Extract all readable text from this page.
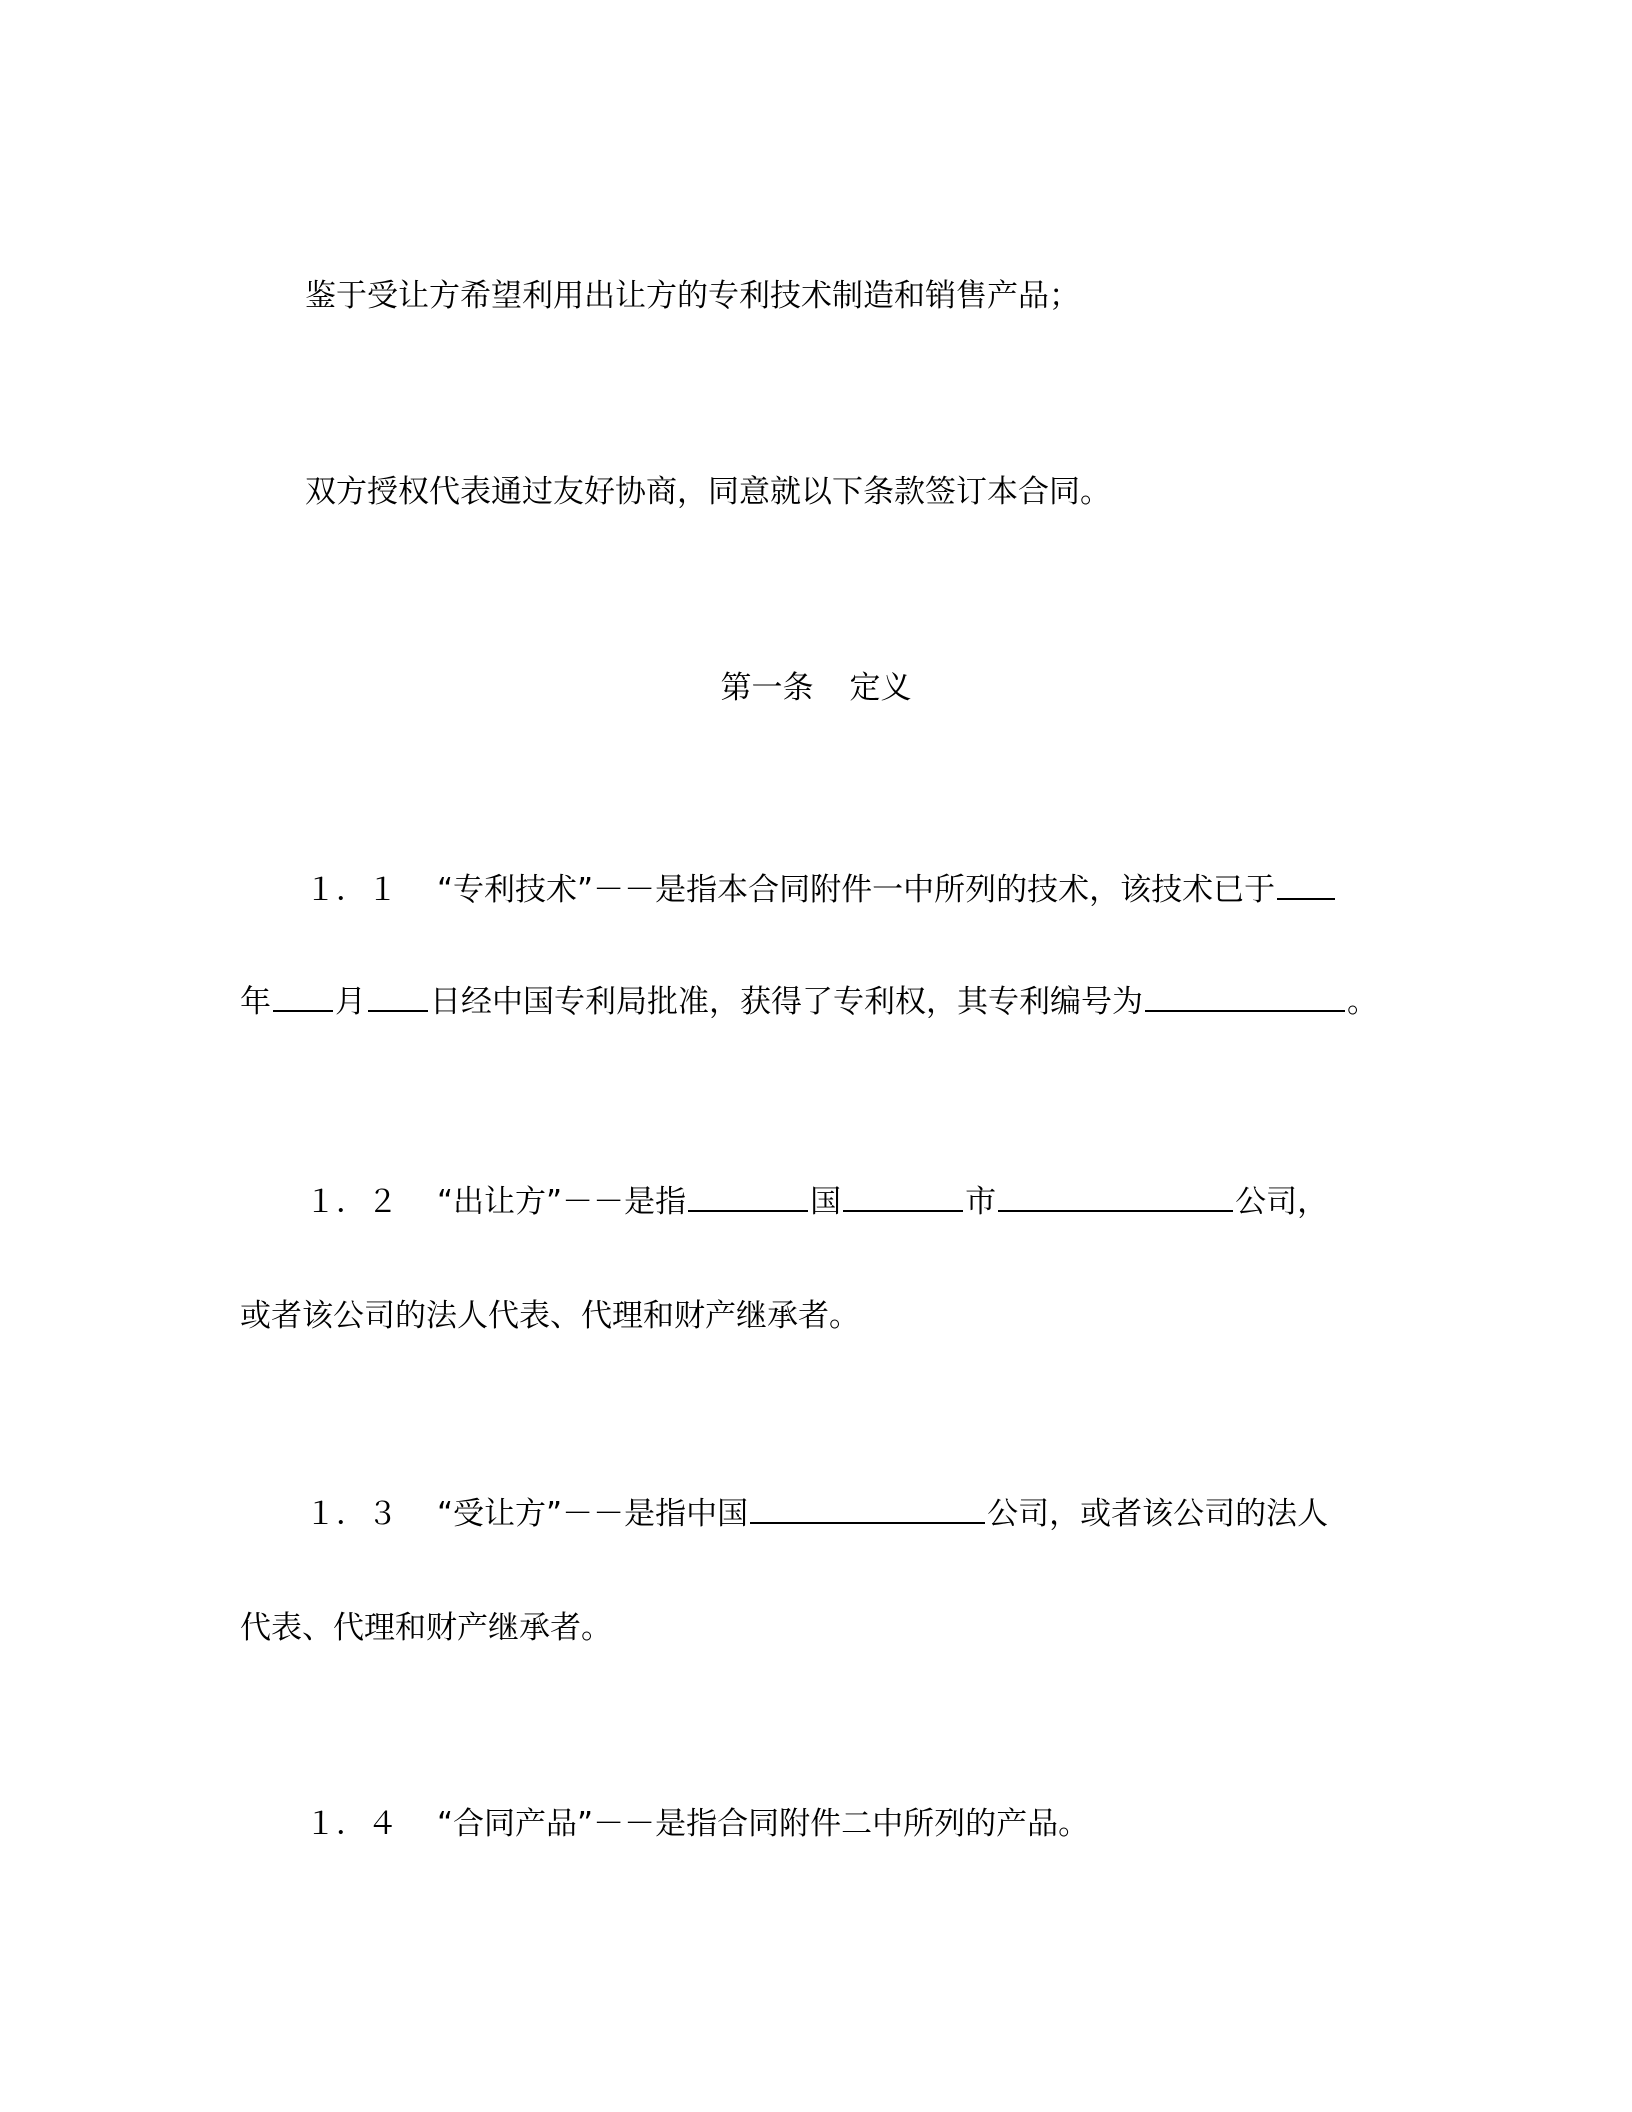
鉴于受让方希望利用出让方的专利技术制造和销售产品；
双方授权代表通过友好协商，同意就以下条款签订本合同。
第一条 定义
１．１ “专利技术”－－是指本合同附件一中所列的技术，该技术已于
年 月 日经中国专利局批准，获得了专利权，其专利编号为	。
１．２ “出让方”－－是指	国	市	公司，
或者该公司的法人代表、代理和财产继承者。
１．３ “受让方”－－是指中国	公司，或者该公司的法人
代表、代理和财产继承者。
１．４ “合同产品”－－是指合同附件二中所列的产品。
